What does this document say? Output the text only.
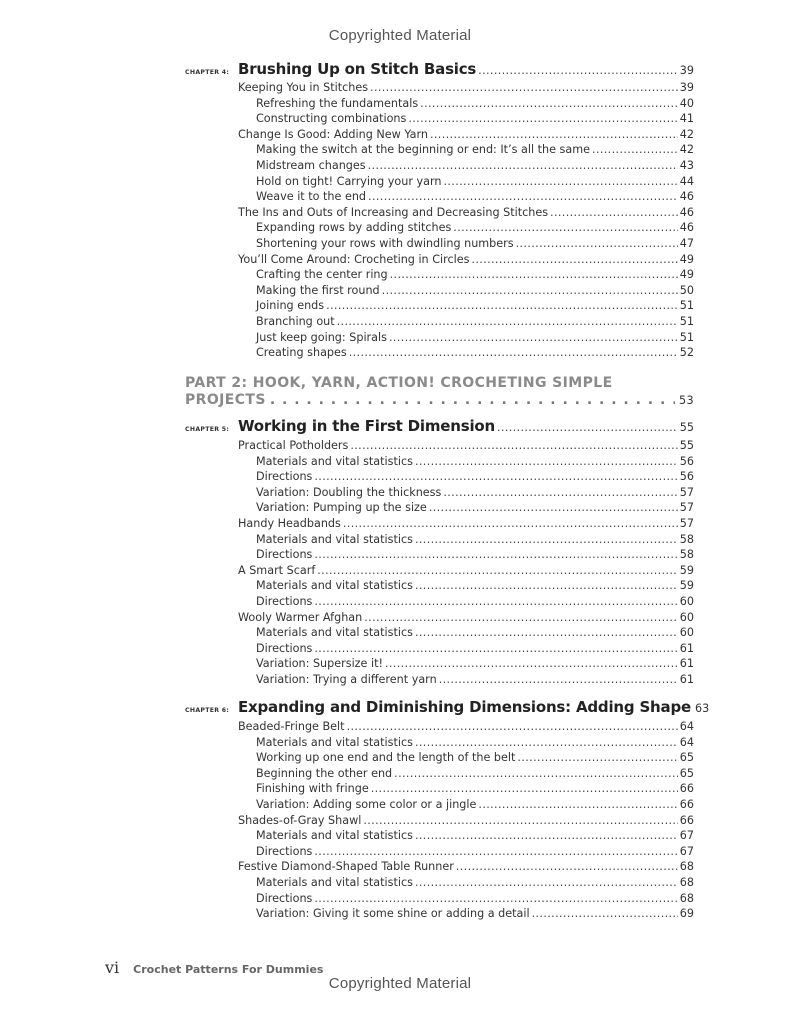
Copyrighted Material
CHAPTER 4: Brushing Up on Stitch Basics . . .	39
Keeping You in Stitches . . .	39
Refreshing the fundamentals . . .	40
Constructing combinations . . .	41
Change Is Good: Adding New Yarn . . .	42
Making the switch at the beginning or end: It’s all the same . . .	42
Midstream changes . . .	43
Hold on tight! Carrying your yarn . . .	44
Weave it to the end . . .	46
The Ins and Outs of Increasing and Decreasing Stitches . . .	46
Expanding rows by adding stitches . . .	46
Shortening your rows with dwindling numbers . . .	47
You’ll Come Around: Crocheting in Circles . . .	49
Crafting the center ring . . .	49
Making the first round . . .	50
Joining ends . . .	51
Branching out . . .	51
Just keep going: Spirals . . .	51
Creating shapes . . .	52
PART 2: HOOK, YARN, ACTION! CROCHETING SIMPLE
PROJECTS . . .	53
CHAPTER 5: Working in the First Dimension . . .	55
Practical Potholders . . .	55
Materials and vital statistics . . .	56
Directions . . .	56
Variation: Doubling the thickness . . .	57
Variation: Pumping up the size . . .	57
Handy Headbands . . .	57
Materials and vital statistics . . .	58
Directions . . .	58
A Smart Scarf . . .	59
Materials and vital statistics . . .	59
Directions . . .	60
Wooly Warmer Afghan . . .	60
Materials and vital statistics . . .	60
Directions . . .	61
Variation: Supersize it! . . .	61
Variation: Trying a different yarn . . .	61
CHAPTER 6: Expanding and Diminishing Dimensions: Adding Shape 63
Beaded-Fringe Belt . . .	64
Materials and vital statistics . . .	64
Working up one end and the length of the belt . . .	65
Beginning the other end . . .	65
Finishing with fringe . . .	66
Variation: Adding some color or a jingle . . .	66
Shades-of-Gray Shawl . . .	66
Materials and vital statistics . . .	67
Directions . . .	67
Festive Diamond-Shaped Table Runner . . .	68
Materials and vital statistics . . .	68
Directions . . .	68
Variation: Giving it some shine or adding a detail . . .	69
vi Crochet Patterns For Dummies
Copyrighted Material
